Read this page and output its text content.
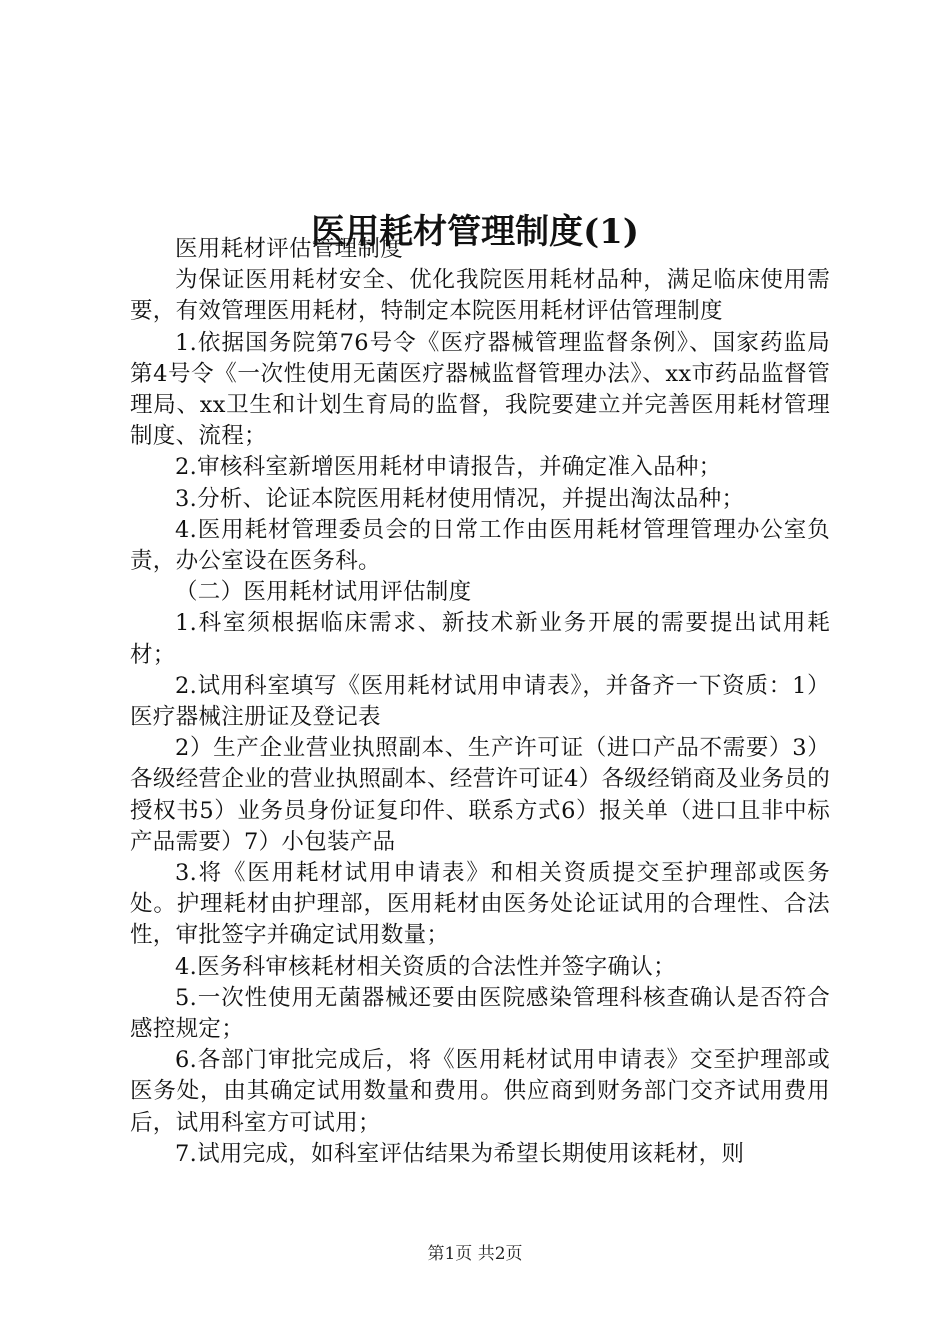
医用耗材管理制度(1)

医用耗材评估管理制度

为保证医用耗材安全、优化我院医用耗材品种，满足临床使用需要，有效管理医用耗材，特制定本院医用耗材评估管理制度

1.依据国务院第76号令《医疗器械管理监督条例》、国家药监局第4号令《一次性使用无菌医疗器械监督管理办法》、xx市药品监督管理局、xx卫生和计划生育局的监督，我院要建立并完善医用耗材管理制度、流程；

2.审核科室新增医用耗材申请报告，并确定准入品种；

3.分析、论证本院医用耗材使用情况，并提出淘汰品种；

4.医用耗材管理委员会的日常工作由医用耗材管理管理办公室负责，办公室设在医务科。

（二）医用耗材试用评估制度

1.科室须根据临床需求、新技术新业务开展的需要提出试用耗材；

2.试用科室填写《医用耗材试用申请表》，并备齐一下资质：1）医疗器械注册证及登记表

2）生产企业营业执照副本、生产许可证（进口产品不需要）3）各级经营企业的营业执照副本、经营许可证4）各级经销商及业务员的授权书5）业务员身份证复印件、联系方式6）报关单（进口且非中标产品需要）7）小包装产品

3.将《医用耗材试用申请表》和相关资质提交至护理部或医务处。护理耗材由护理部，医用耗材由医务处论证试用的合理性、合法性，审批签字并确定试用数量；

4.医务科审核耗材相关资质的合法性并签字确认；

5.一次性使用无菌器械还要由医院感染管理科核查确认是否符合感控规定；

6.各部门审批完成后，将《医用耗材试用申请表》交至护理部或医务处，由其确定试用数量和费用。供应商到财务部门交齐试用费用后，试用科室方可试用；

7.试用完成，如科室评估结果为希望长期使用该耗材，则

第1页 共2页
